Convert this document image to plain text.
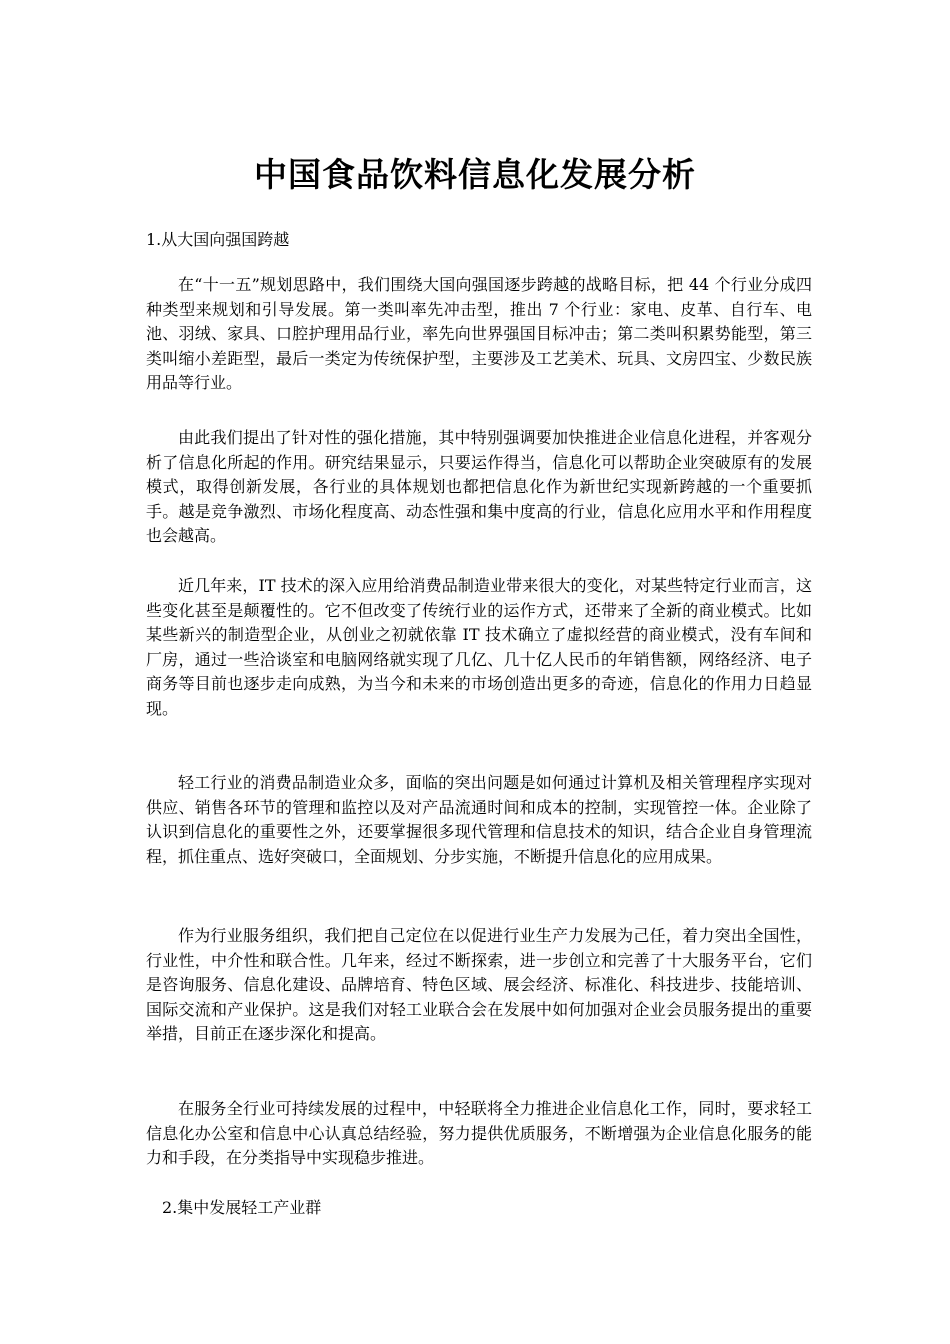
中国食品饮料信息化发展分析

1.从大国向强国跨越

在“十一五”规划思路中，我们围绕大国向强国逐步跨越的战略目标，把 44 个行业分成四种类型来规划和引导发展。第一类叫率先冲击型，推出 7 个行业：家电、皮革、自行车、电池、羽绒、家具、口腔护理用品行业，率先向世界强国目标冲击；第二类叫积累势能型，第三类叫缩小差距型，最后一类定为传统保护型，主要涉及工艺美术、玩具、文房四宝、少数民族用品等行业。

由此我们提出了针对性的强化措施，其中特别强调要加快推进企业信息化进程，并客观分析了信息化所起的作用。研究结果显示，只要运作得当，信息化可以帮助企业突破原有的发展模式，取得创新发展，各行业的具体规划也都把信息化作为新世纪实现新跨越的一个重要抓手。越是竞争激烈、市场化程度高、动态性强和集中度高的行业，信息化应用水平和作用程度也会越高。

近几年来，IT 技术的深入应用给消费品制造业带来很大的变化，对某些特定行业而言，这些变化甚至是颠覆性的。它不但改变了传统行业的运作方式，还带来了全新的商业模式。比如某些新兴的制造型企业，从创业之初就依靠 IT 技术确立了虚拟经营的商业模式，没有车间和厂房，通过一些洽谈室和电脑网络就实现了几亿、几十亿人民币的年销售额，网络经济、电子商务等目前也逐步走向成熟，为当今和未来的市场创造出更多的奇迹，信息化的作用力日趋显现。

轻工行业的消费品制造业众多，面临的突出问题是如何通过计算机及相关管理程序实现对供应、销售各环节的管理和监控以及对产品流通时间和成本的控制，实现管控一体。企业除了认识到信息化的重要性之外，还要掌握很多现代管理和信息技术的知识，结合企业自身管理流程，抓住重点、选好突破口，全面规划、分步实施，不断提升信息化的应用成果。

作为行业服务组织，我们把自己定位在以促进行业生产力发展为己任，着力突出全国性，行业性，中介性和联合性。几年来，经过不断探索，进一步创立和完善了十大服务平台，它们是咨询服务、信息化建设、品牌培育、特色区域、展会经济、标准化、科技进步、技能培训、国际交流和产业保护。这是我们对轻工业联合会在发展中如何加强对企业会员服务提出的重要举措，目前正在逐步深化和提高。

在服务全行业可持续发展的过程中，中轻联将全力推进企业信息化工作，同时，要求轻工信息化办公室和信息中心认真总结经验，努力提供优质服务，不断增强为企业信息化服务的能力和手段，在分类指导中实现稳步推进。

2.集中发展轻工产业群
